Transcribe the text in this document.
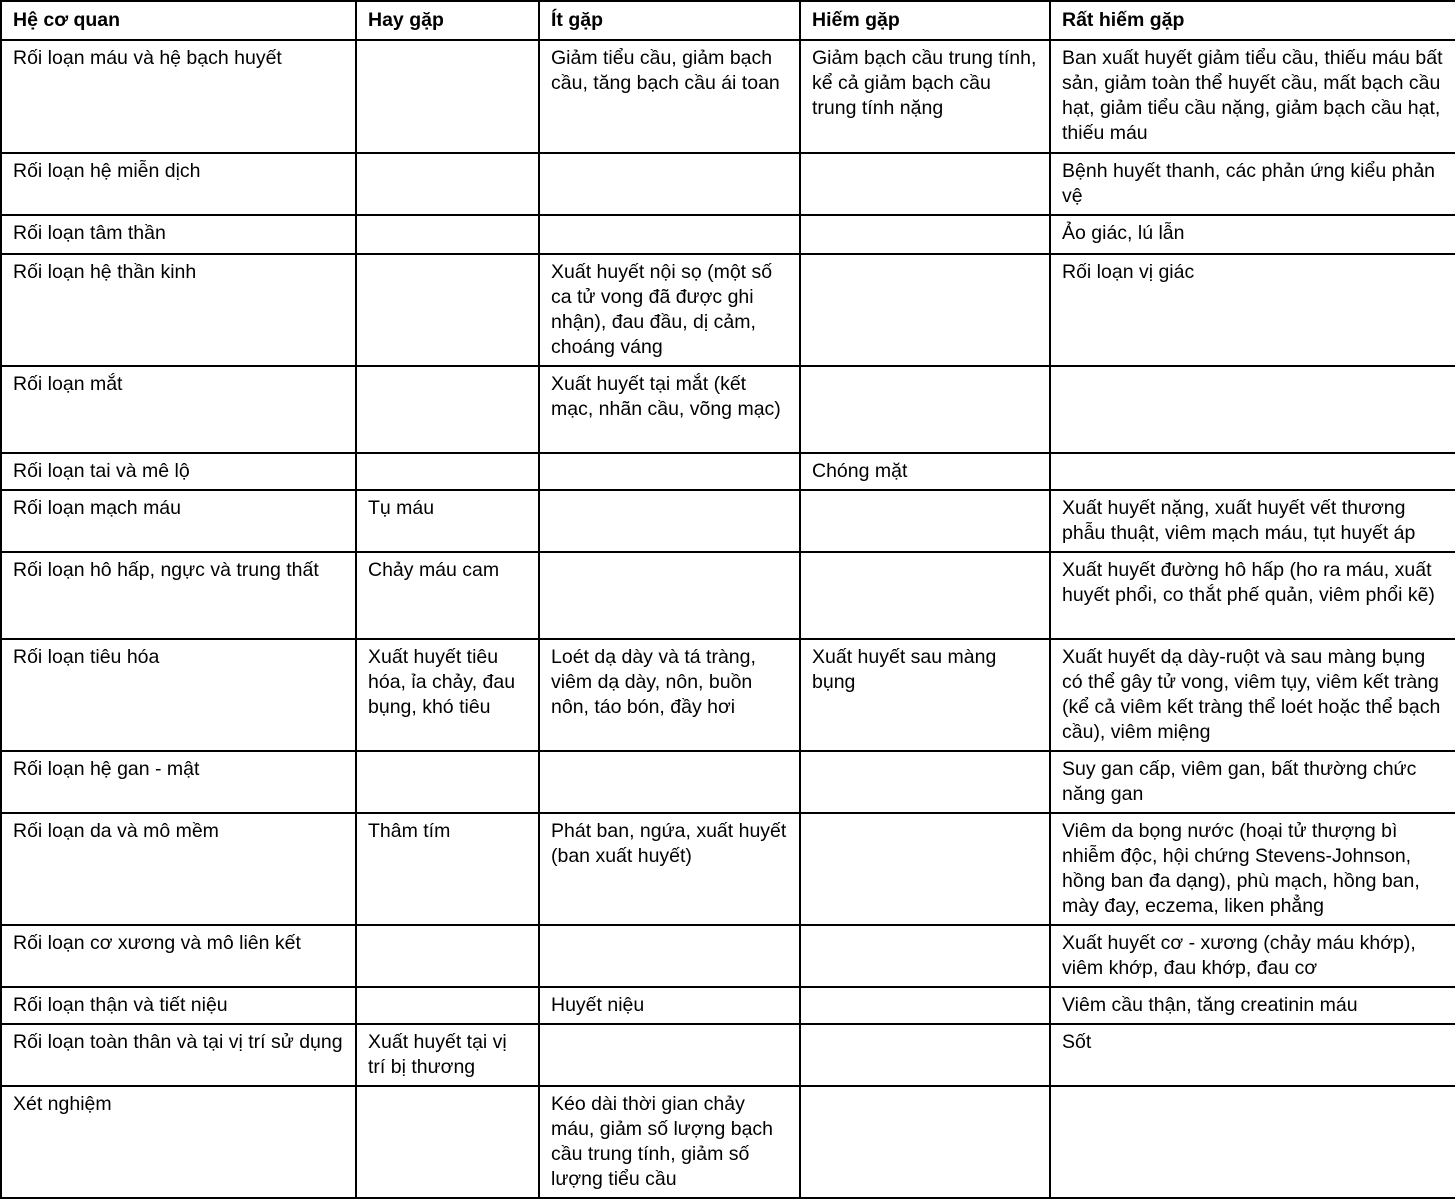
Hệ cơ quan	Hay gặp	Ít gặp	Hiếm gặp	Rất hiếm gặp
Rối loạn máu và hệ bạch huyết		Giảm tiểu cầu, giảm bạch cầu, tăng bạch cầu ái toan	Giảm bạch cầu trung tính, kể cả giảm bạch cầu trung tính nặng	Ban xuất huyết giảm tiểu cầu, thiếu máu bất sản, giảm toàn thể huyết cầu, mất bạch cầu hạt, giảm tiểu cầu nặng, giảm bạch cầu hạt, thiếu máu
Rối loạn hệ miễn dịch				Bệnh huyết thanh, các phản ứng kiểu phản vệ
Rối loạn tâm thần				Ảo giác, lú lẫn
Rối loạn hệ thần kinh		Xuất huyết nội sọ (một số ca tử vong đã được ghi nhận), đau đầu, dị cảm, choáng váng		Rối loạn vị giác
Rối loạn mắt		Xuất huyết tại mắt (kết mạc, nhãn cầu, võng mạc)		
Rối loạn tai và mê lộ			Chóng mặt	
Rối loạn mạch máu	Tụ máu			Xuất huyết nặng, xuất huyết vết thương phẫu thuật, viêm mạch máu, tụt huyết áp
Rối loạn hô hấp, ngực và trung thất	Chảy máu cam			Xuất huyết đường hô hấp (ho ra máu, xuất huyết phổi, co thắt phế quản, viêm phổi kẽ)
Rối loạn tiêu hóa	Xuất huyết tiêu hóa, ỉa chảy, đau bụng, khó tiêu	Loét dạ dày và tá tràng, viêm dạ dày, nôn, buồn nôn, táo bón, đầy hơi	Xuất huyết sau màng bụng	Xuất huyết dạ dày-ruột và sau màng bụng có thể gây tử vong, viêm tụy, viêm kết tràng (kể cả viêm kết tràng thể loét hoặc thể bạch cầu), viêm miệng
Rối loạn hệ gan - mật				Suy gan cấp, viêm gan, bất thường chức năng gan
Rối loạn da và mô mềm	Thâm tím	Phát ban, ngứa, xuất huyết (ban xuất huyết)		Viêm da bọng nước (hoại tử thượng bì nhiễm độc, hội chứng Stevens-Johnson, hồng ban đa dạng), phù mạch, hồng ban, mày đay, eczema, liken phẳng
Rối loạn cơ xương và mô liên kết				Xuất huyết cơ - xương (chảy máu khớp), viêm khớp, đau khớp, đau cơ
Rối loạn thận và tiết niệu		Huyết niệu		Viêm cầu thận, tăng creatinin máu
Rối loạn toàn thân và tại vị trí sử dụng	Xuất huyết tại vị trí bị thương			Sốt
Xét nghiệm		Kéo dài thời gian chảy máu, giảm số lượng bạch cầu trung tính, giảm số lượng tiểu cầu		
